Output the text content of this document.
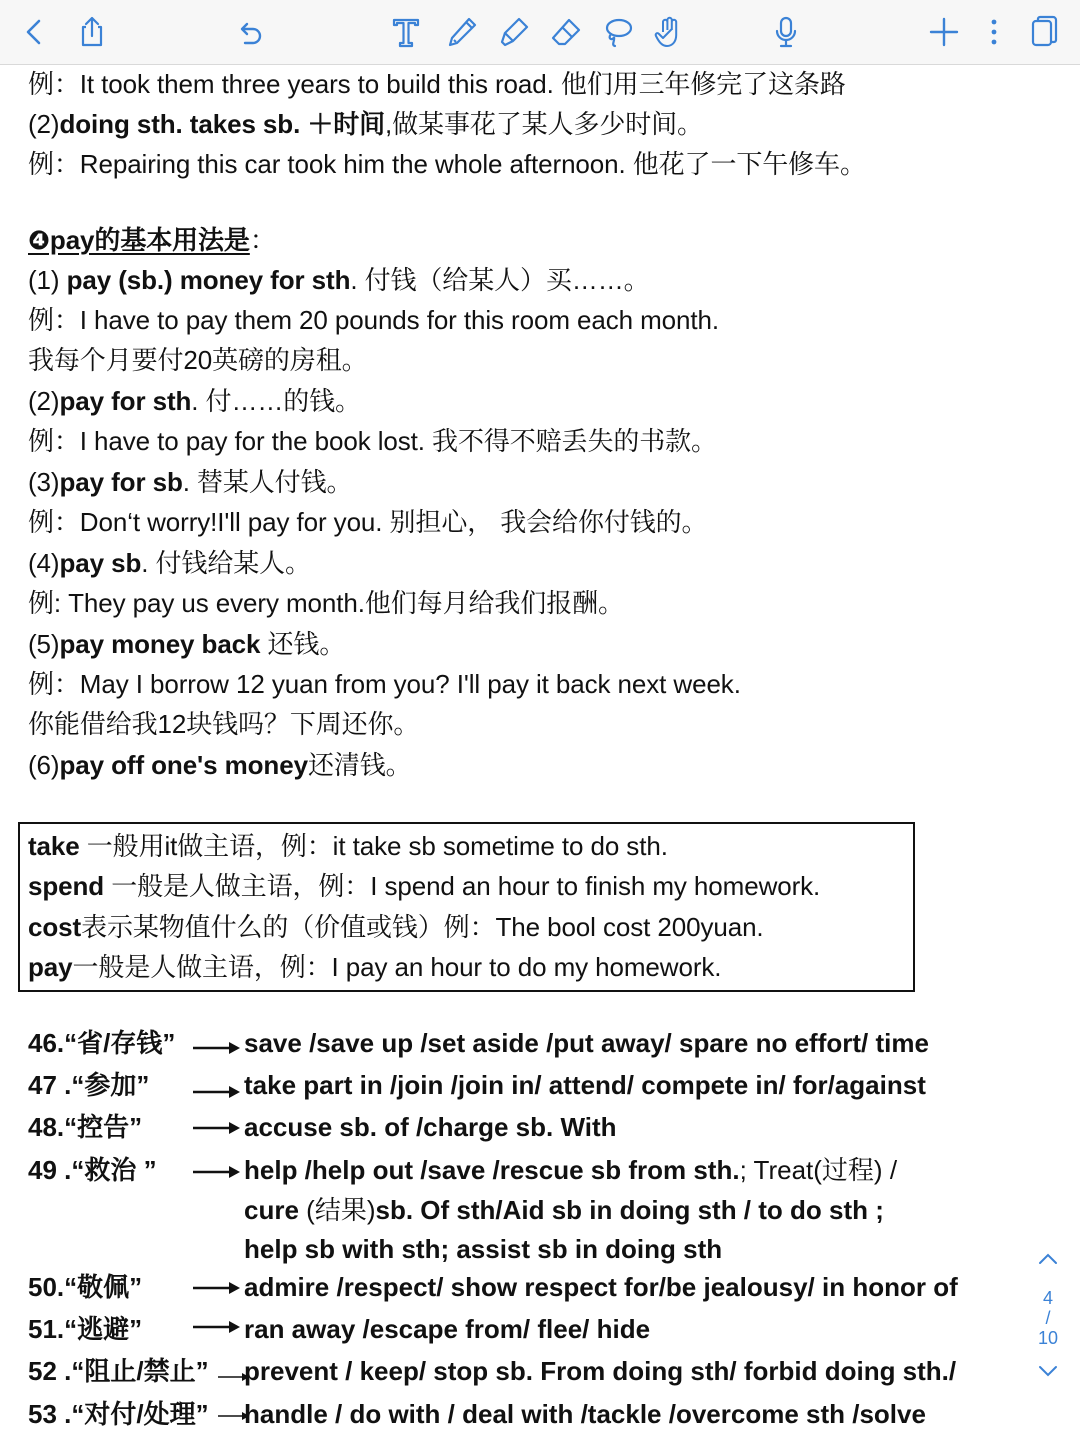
例：It took them three years to build this road. 他们用三年修完了这条路
(2)doing sth. takes sb. ＋时间,做某事花了某人多少时间。
例：Repairing this car took him the whole afternoon. 他花了一下午修车。
❹pay的基本用法是：
(1) pay (sb.) money for sth. 付钱（给某人）买……。
例：I have to pay them 20 pounds for this room each month.
我每个月要付20英磅的房租。
(2)pay for sth. 付……的钱。
例：I have to pay for the book lost. 我不得不赔丢失的书款。
(3)pay for sb. 替某人付钱。
例：Don‘t worry!I'll pay for you. 别担心， 我会给你付钱的。
(4)pay sb. 付钱给某人。
例: They pay us every month.他们每月给我们报酬。
(5)pay money back 还钱。
例：May I borrow 12 yuan from you? I'll pay it back next week.
你能借给我12块钱吗？下周还你。
(6)pay off one's money还清钱。
take 一般用it做主语，例：it take sb sometime to do sth.
spend 一般是人做主语，例：I spend an hour to finish my homework.
cost表示某物值什么的（价值或钱）例：The bool cost 200yuan.
pay一般是人做主语，例：I pay an hour to do my homework.
46.“省/存钱”	save /save up /set aside /put away/ spare no effort/ time
47 .“参加”	take part in /join /join in/ attend/ compete in/ for/against
48.“控告”	accuse sb. of /charge sb. With
49 .“救治 ”	help /help out /save /rescue sb from sth.; Treat(过程) /
cure (结果)sb. Of sth/Aid sb in doing sth / to do sth ;
help sb with sth; assist sb in doing sth
50.“敬佩”	admire /respect/ show respect for/be jealousy/ in honor of
51.“逃避”	ran away /escape from/ flee/ hide
52 .“阻止/禁止” prevent / keep/ stop sb. From doing sth/ forbid doing sth./
53 .“对付/处理” handle / do with / deal with /tackle /overcome sth /solve
4
/
10
